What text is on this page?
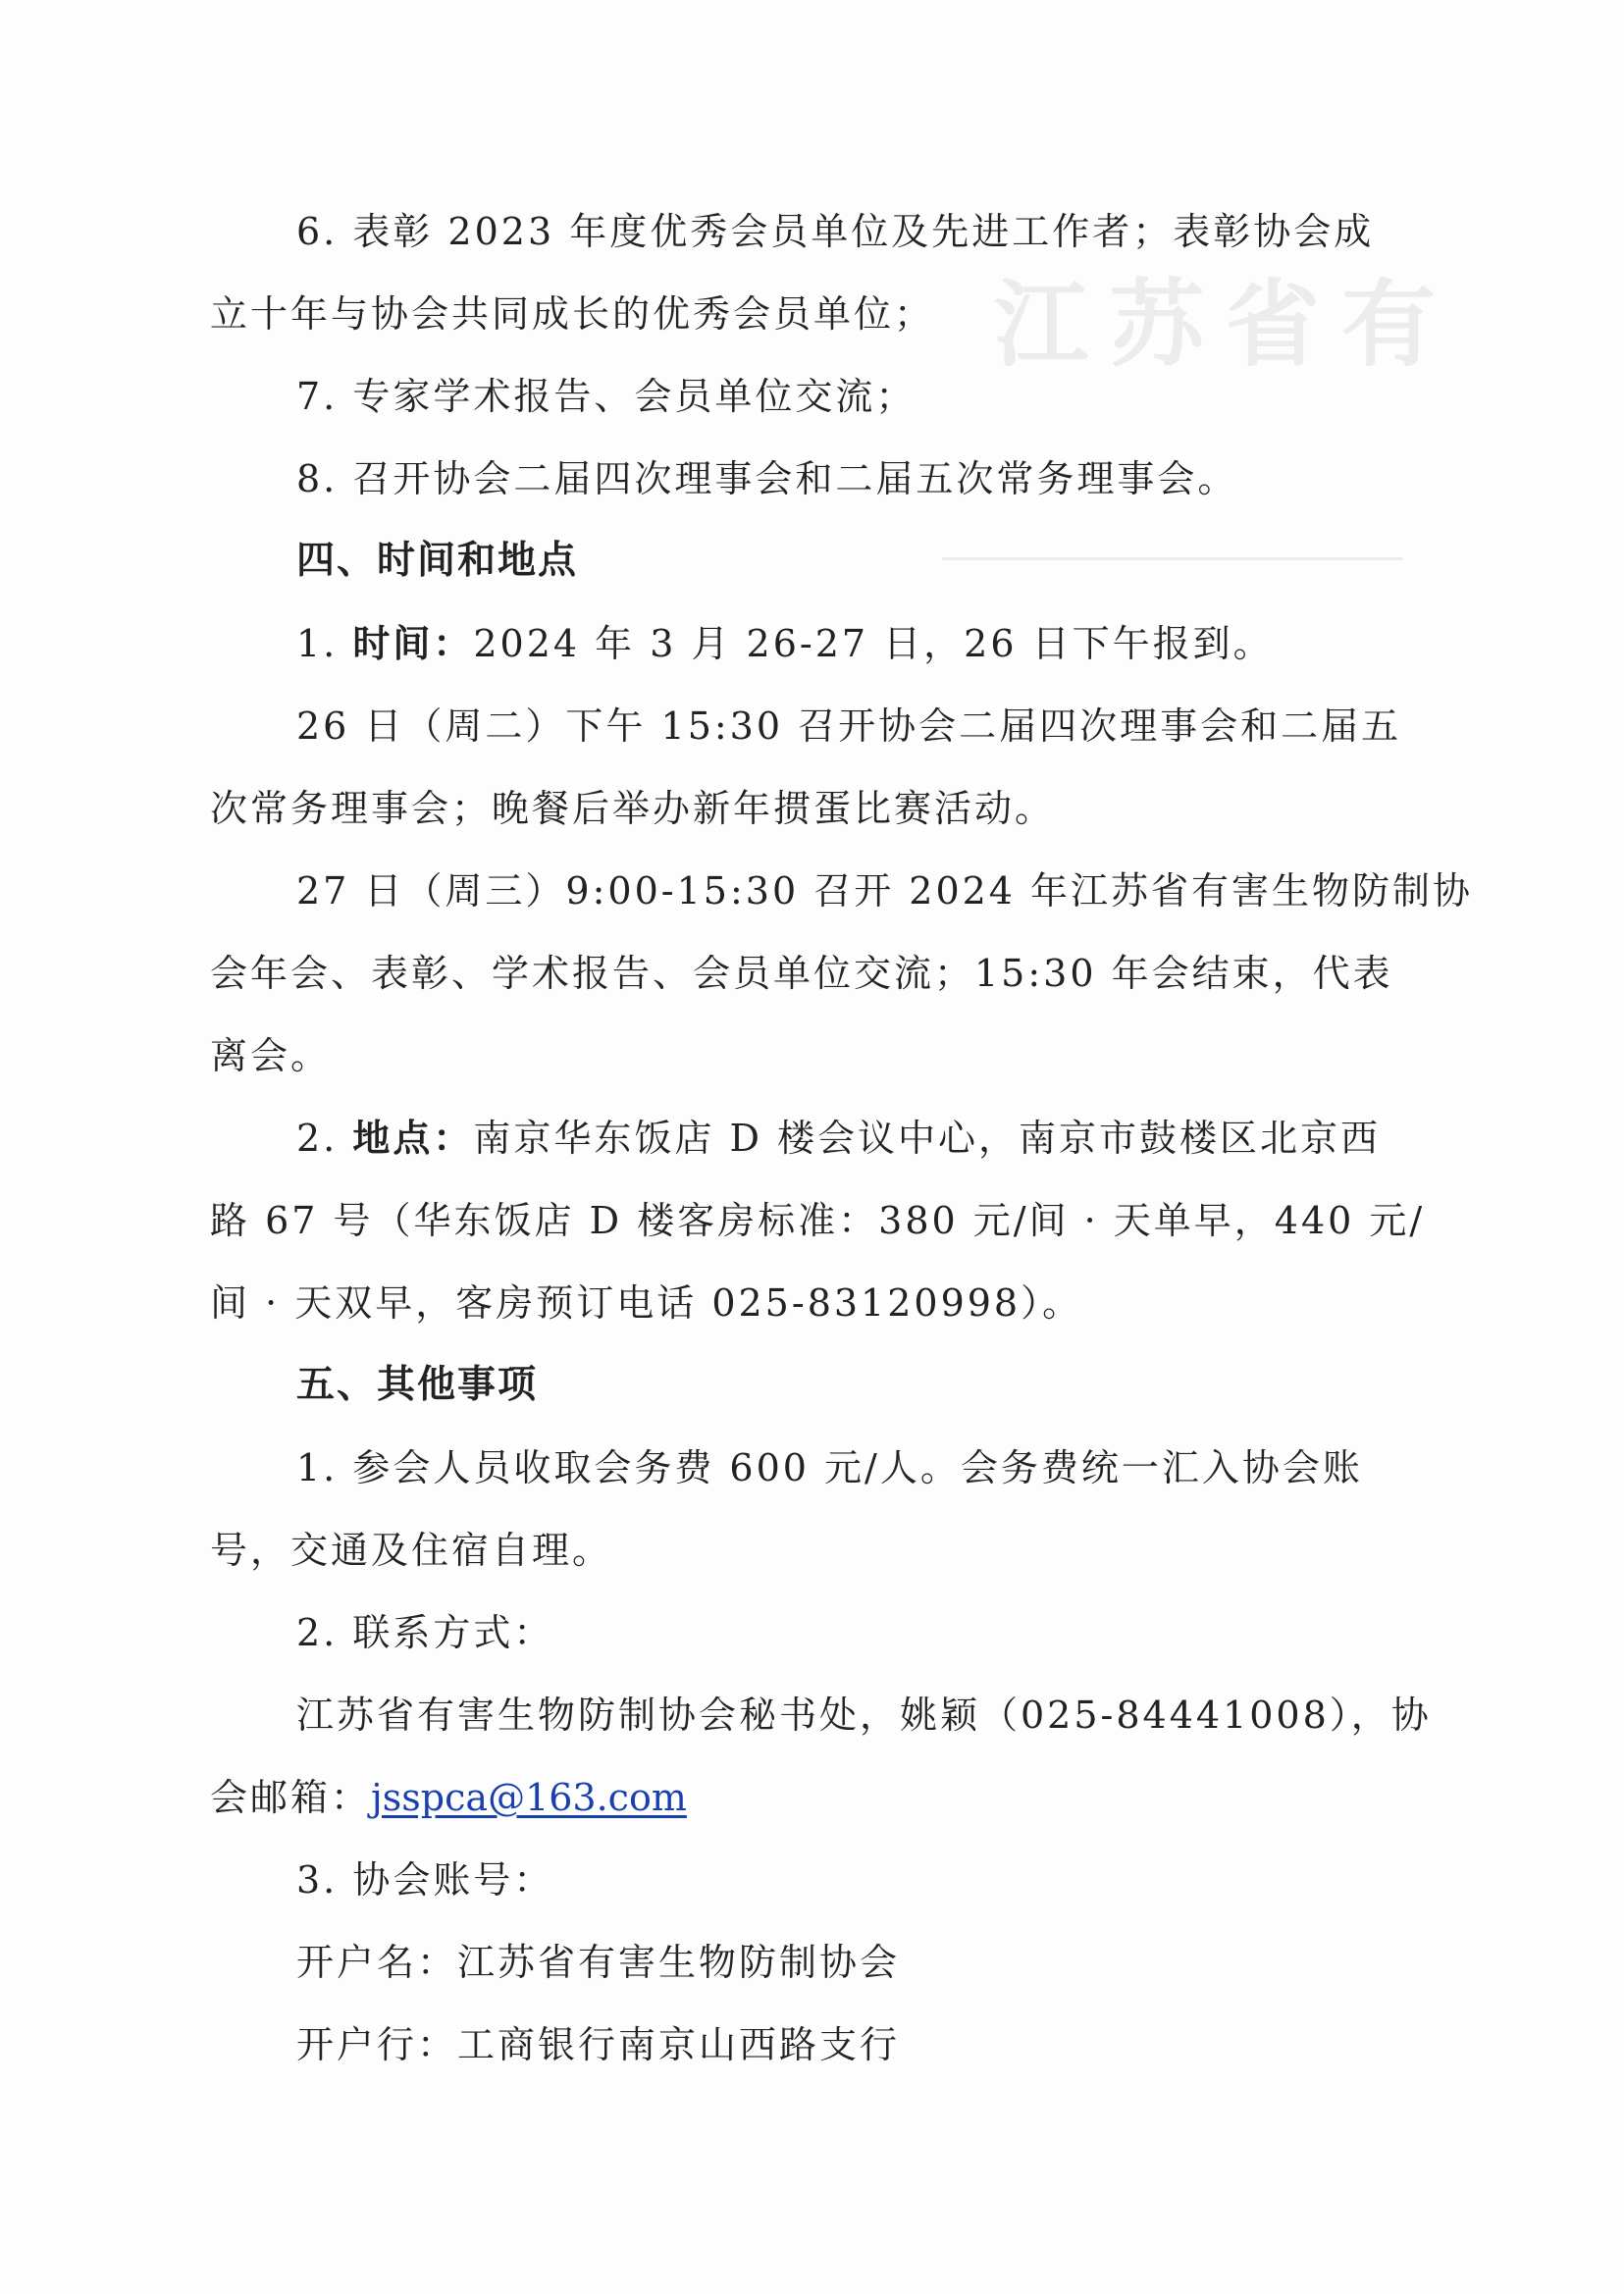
江苏省有
6. 表彰 2023 年度优秀会员单位及先进工作者；表彰协会成
立十年与协会共同成长的优秀会员单位；
7. 专家学术报告、会员单位交流；
8. 召开协会二届四次理事会和二届五次常务理事会。
四、时间和地点
1. 时间：2024 年 3 月 26-27 日，26 日下午报到。
26 日（周二）下午 15:30 召开协会二届四次理事会和二届五
次常务理事会；晚餐后举办新年掼蛋比赛活动。
27 日（周三）9:00-15:30 召开 2024 年江苏省有害生物防制协
会年会、表彰、学术报告、会员单位交流；15:30 年会结束，代表
离会。
2. 地点：南京华东饭店 D 楼会议中心，南京市鼓楼区北京西
路 67 号（华东饭店 D 楼客房标准：380 元/间 · 天单早，440 元/
间 · 天双早，客房预订电话 025-83120998）。
五、其他事项
1. 参会人员收取会务费 600 元/人。会务费统一汇入协会账
号，交通及住宿自理。
2. 联系方式：
江苏省有害生物防制协会秘书处，姚颖（025-84441008），协
会邮箱：jsspca@163.com
3. 协会账号：
开户名：江苏省有害生物防制协会
开户行：工商银行南京山西路支行
